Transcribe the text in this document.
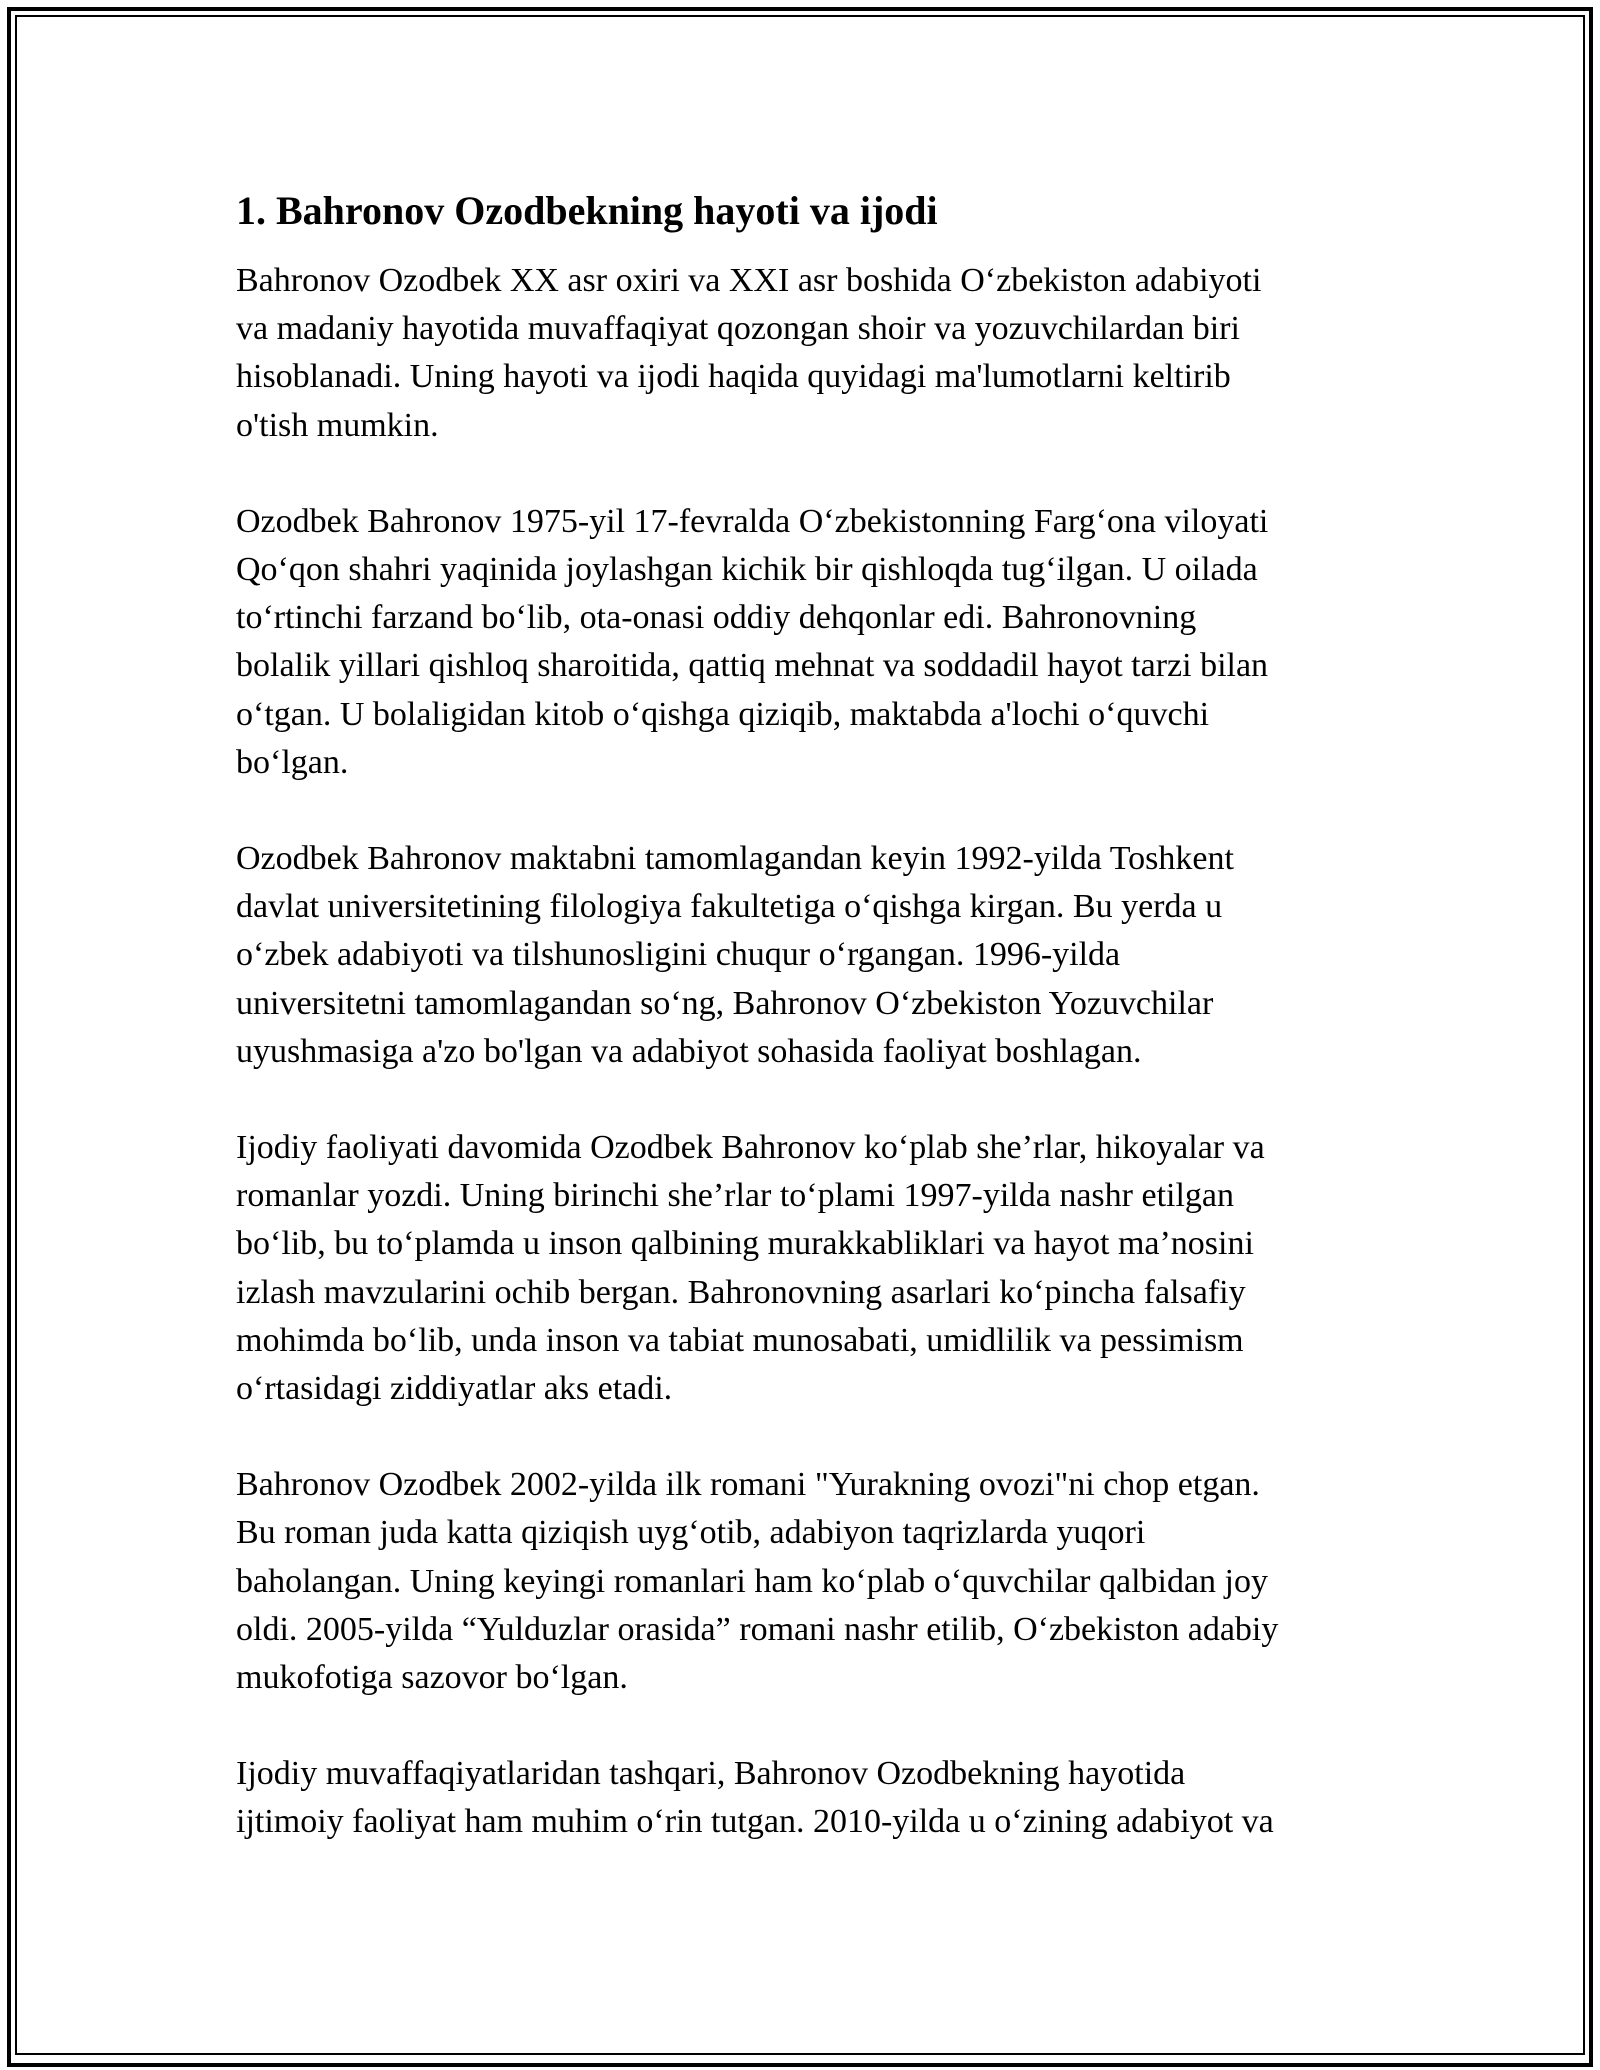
1. Bahronov Ozodbekning hayoti va ijodi
Bahronov Ozodbek XX asr oxiri va XXI asr boshida Oʻzbekiston adabiyoti
va madaniy hayotida muvaffaqiyat qozongan shoir va yozuvchilardan biri
hisoblanadi. Uning hayoti va ijodi haqida quyidagi ma'lumotlarni keltirib
o'tish mumkin.
Ozodbek Bahronov 1975-yil 17-fevralda Oʻzbekistonning Fargʻona viloyati
Qoʻqon shahri yaqinida joylashgan kichik bir qishloqda tugʻilgan. U oilada
toʻrtinchi farzand boʻlib, ota-onasi oddiy dehqonlar edi. Bahronovning
bolalik yillari qishloq sharoitida, qattiq mehnat va soddadil hayot tarzi bilan
oʻtgan. U bolaligidan kitob oʻqishga qiziqib, maktabda a'lochi oʻquvchi
boʻlgan.
Ozodbek Bahronov maktabni tamomlagandan keyin 1992-yilda Toshkent
davlat universitetining filologiya fakultetiga oʻqishga kirgan. Bu yerda u
oʻzbek adabiyoti va tilshunosligini chuqur oʻrgangan. 1996-yilda
universitetni tamomlagandan soʻng, Bahronov Oʻzbekiston Yozuvchilar
uyushmasiga a'zo bo'lgan va adabiyot sohasida faoliyat boshlagan.
Ijodiy faoliyati davomida Ozodbek Bahronov koʻplab she’rlar, hikoyalar va
romanlar yozdi. Uning birinchi she’rlar toʻplami 1997-yilda nashr etilgan
boʻlib, bu toʻplamda u inson qalbining murakkabliklari va hayot ma’nosini
izlash mavzularini ochib bergan. Bahronovning asarlari koʻpincha falsafiy
mohimda boʻlib, unda inson va tabiat munosabati, umidlilik va pessimism
oʻrtasidagi ziddiyatlar aks etadi.
Bahronov Ozodbek 2002-yilda ilk romani "Yurakning ovozi"ni chop etgan.
Bu roman juda katta qiziqish uygʻotib, adabiyon taqrizlarda yuqori
baholangan. Uning keyingi romanlari ham koʻplab oʻquvchilar qalbidan joy
oldi. 2005-yilda “Yulduzlar orasida” romani nashr etilib, Oʻzbekiston adabiy
mukofotiga sazovor boʻlgan.
Ijodiy muvaffaqiyatlaridan tashqari, Bahronov Ozodbekning hayotida
ijtimoiy faoliyat ham muhim oʻrin tutgan. 2010-yilda u oʻzining adabiyot va
